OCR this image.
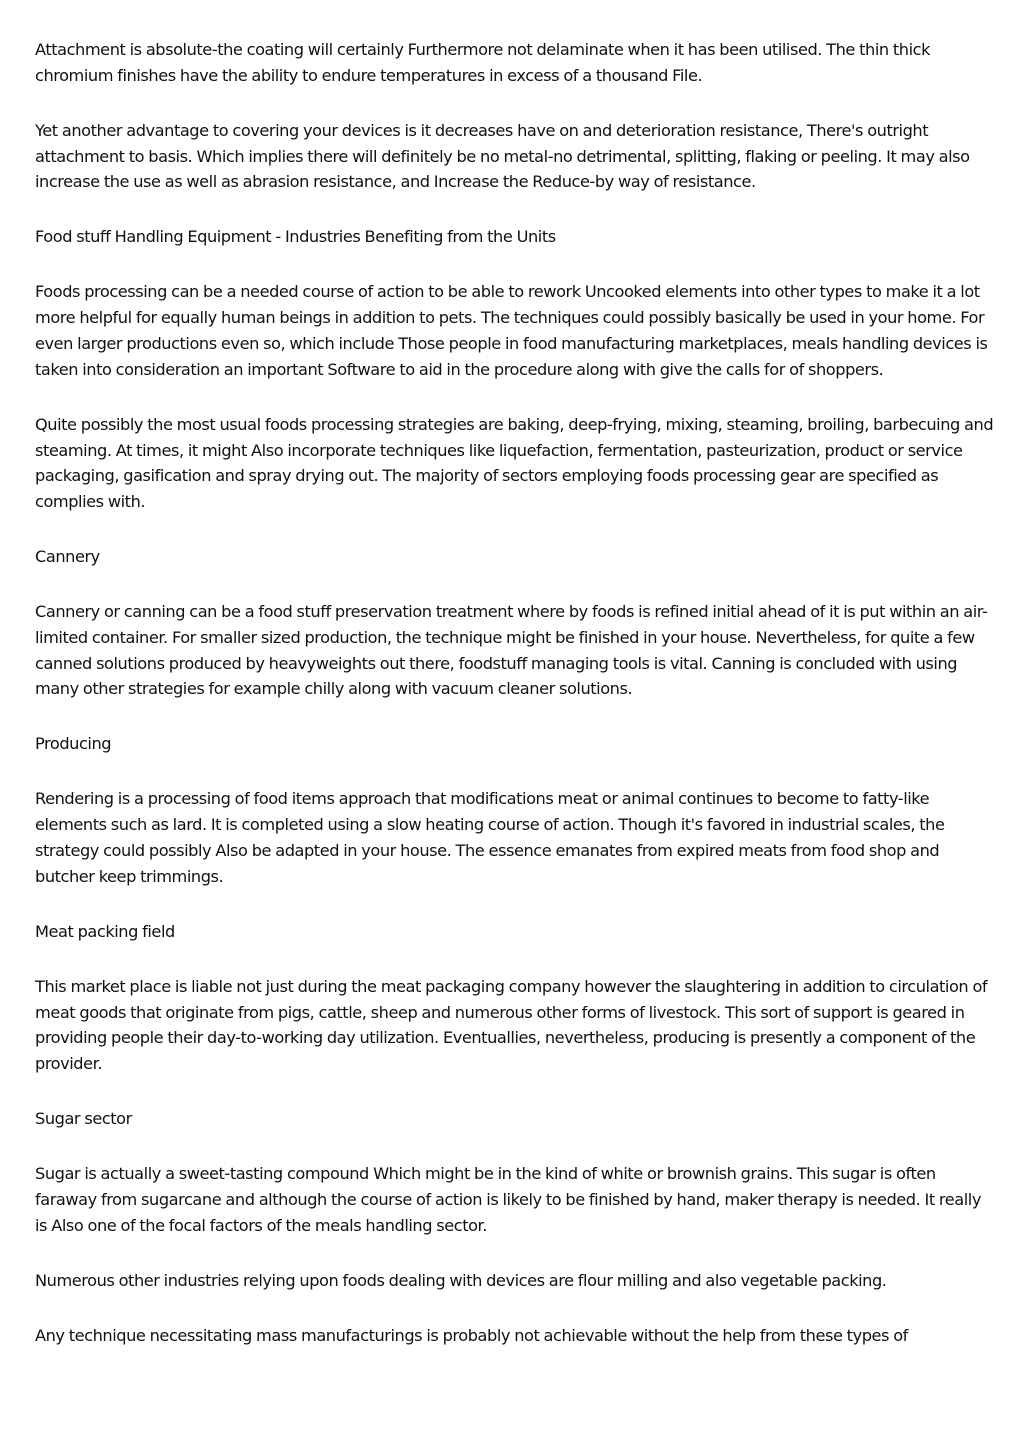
Attachment is absolute-the coating will certainly Furthermore not delaminate when it has been utilised. The thin thick chromium finishes have the ability to endure temperatures in excess of a thousand File.

Yet another advantage to covering your devices is it decreases have on and deterioration resistance, There's outright attachment to basis. Which implies there will definitely be no metal-no detrimental, splitting, flaking or peeling. It may also increase the use as well as abrasion resistance, and Increase the Reduce-by way of resistance.

Food stuff Handling Equipment - Industries Benefiting from the Units

Foods processing can be a needed course of action to be able to rework Uncooked elements into other types to make it a lot more helpful for equally human beings in addition to pets. The techniques could possibly basically be used in your home. For even larger productions even so, which include Those people in food manufacturing marketplaces, meals handling devices is taken into consideration an important Software to aid in the procedure along with give the calls for of shoppers.

Quite possibly the most usual foods processing strategies are baking, deep-frying, mixing, steaming, broiling, barbecuing and steaming. At times, it might Also incorporate techniques like liquefaction, fermentation, pasteurization, product or service packaging, gasification and spray drying out. The majority of sectors employing foods processing gear are specified as complies with.

Cannery

Cannery or canning can be a food stuff preservation treatment where by foods is refined initial ahead of it is put within an air-limited container. For smaller sized production, the technique might be finished in your house. Nevertheless, for quite a few canned solutions produced by heavyweights out there, foodstuff managing tools is vital. Canning is concluded with using many other strategies for example chilly along with vacuum cleaner solutions.

Producing

Rendering is a processing of food items approach that modifications meat or animal continues to become to fatty-like elements such as lard. It is completed using a slow heating course of action. Though it's favored in industrial scales, the strategy could possibly Also be adapted in your house. The essence emanates from expired meats from food shop and butcher keep trimmings.

Meat packing field

This market place is liable not just during the meat packaging company however the slaughtering in addition to circulation of meat goods that originate from pigs, cattle, sheep and numerous other forms of livestock. This sort of support is geared in providing people their day-to-working day utilization. Eventuallies, nevertheless, producing is presently a component of the provider.

Sugar sector

Sugar is actually a sweet-tasting compound Which might be in the kind of white or brownish grains. This sugar is often faraway from sugarcane and although the course of action is likely to be finished by hand, maker therapy is needed. It really is Also one of the focal factors of the meals handling sector.

Numerous other industries relying upon foods dealing with devices are flour milling and also vegetable packing.

Any technique necessitating mass manufacturings is probably not achievable without the help from these types of
